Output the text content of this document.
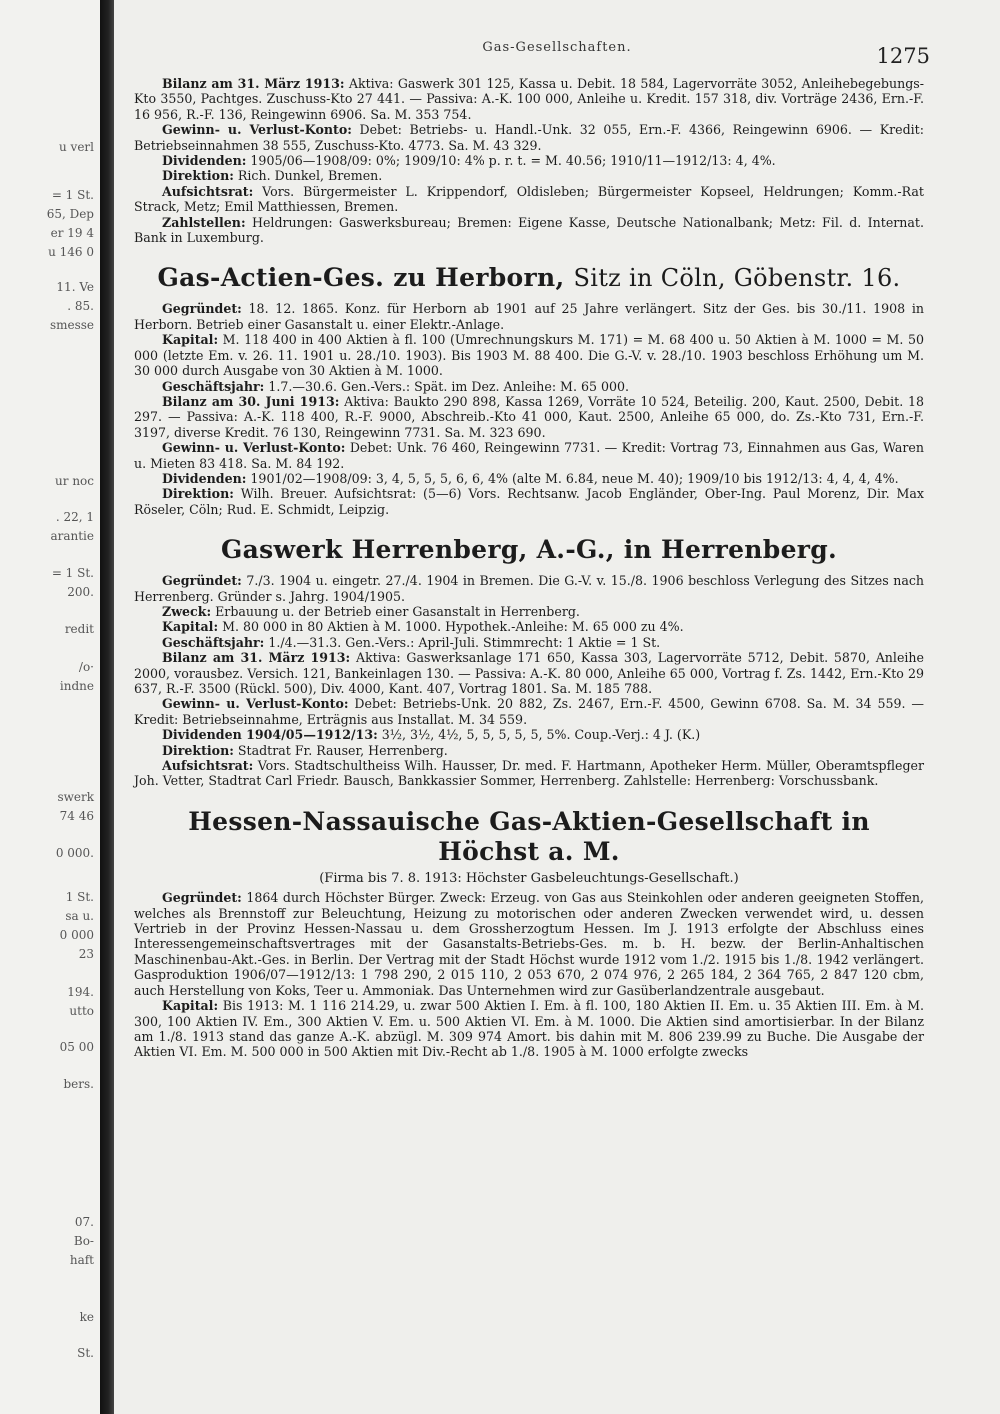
u verl
= 1 St.
65, Dep
er 19 4
u 146 0
11. Ve
. 85.
smesse
ur noc
. 22, 1
arantie
= 1 St.
200.
redit
/o·
indne
swerk
74 46
0 000.
1 St.
sa u.
0 000
23
194.
utto
05 00
bers.
07.
Bo-
haft
ke
St.
Gas-Gesellschaften.	1275

Bilanz am 31. März 1913: Aktiva: Gaswerk 301 125, Kassa u. Debit. 18 584, Lagervorräte 3052, Anleihebegebungs-Kto 3550, Pachtges. Zuschuss-Kto 27 441. — Passiva: A.-K. 100 000, Anleihe u. Kredit. 157 318, div. Vorträge 2436, Ern.-F. 16 956, R.-F. 136, Reingewinn 6906. Sa. M. 353 754.

Gewinn- u. Verlust-Konto: Debet: Betriebs- u. Handl.-Unk. 32 055, Ern.-F. 4366, Reingewinn 6906. — Kredit: Betriebseinnahmen 38 555, Zuschuss-Kto. 4773. Sa. M. 43 329.

Dividenden: 1905/06—1908/09: 0%; 1909/10: 4% p. r. t. = M. 40.56; 1910/11—1912/13: 4, 4%.

Direktion: Rich. Dunkel, Bremen.

Aufsichtsrat: Vors. Bürgermeister L. Krippendorf, Oldisleben; Bürgermeister Kopseel, Heldrungen; Komm.-Rat Strack, Metz; Emil Matthiessen, Bremen.

Zahlstellen: Heldrungen: Gaswerksbureau; Bremen: Eigene Kasse, Deutsche Nationalbank; Metz: Fil. d. Internat. Bank in Luxemburg.

Gas-Actien-Ges. zu Herborn, Sitz in Cöln, Göbenstr. 16.

Gegründet: 18. 12. 1865. Konz. für Herborn ab 1901 auf 25 Jahre verlängert. Sitz der Ges. bis 30./11. 1908 in Herborn. Betrieb einer Gasanstalt u. einer Elektr.-Anlage.

Kapital: M. 118 400 in 400 Aktien à fl. 100 (Umrechnungskurs M. 171) = M. 68 400 u. 50 Aktien à M. 1000 = M. 50 000 (letzte Em. v. 26. 11. 1901 u. 28./10. 1903). Bis 1903 M. 88 400. Die G.-V. v. 28./10. 1903 beschloss Erhöhung um M. 30 000 durch Ausgabe von 30 Aktien à M. 1000.

Geschäftsjahr: 1.7.—30.6. Gen.-Vers.: Spät. im Dez. Anleihe: M. 65 000.

Bilanz am 30. Juni 1913: Aktiva: Baukto 290 898, Kassa 1269, Vorräte 10 524, Beteilig. 200, Kaut. 2500, Debit. 18 297. — Passiva: A.-K. 118 400, R.-F. 9000, Abschreib.-Kto 41 000, Kaut. 2500, Anleihe 65 000, do. Zs.-Kto 731, Ern.-F. 3197, diverse Kredit. 76 130, Reingewinn 7731. Sa. M. 323 690.

Gewinn- u. Verlust-Konto: Debet: Unk. 76 460, Reingewinn 7731. — Kredit: Vortrag 73, Einnahmen aus Gas, Waren u. Mieten 83 418. Sa. M. 84 192.

Dividenden: 1901/02—1908/09: 3, 4, 5, 5, 5, 6, 6, 4% (alte M. 6.84, neue M. 40); 1909/10 bis 1912/13: 4, 4, 4, 4%.

Direktion: Wilh. Breuer. Aufsichtsrat: (5—6) Vors. Rechtsanw. Jacob Engländer, Ober-Ing. Paul Morenz, Dir. Max Röseler, Cöln; Rud. E. Schmidt, Leipzig.

Gaswerk Herrenberg, A.-G., in Herrenberg.

Gegründet: 7./3. 1904 u. eingetr. 27./4. 1904 in Bremen. Die G.-V. v. 15./8. 1906 beschloss Verlegung des Sitzes nach Herrenberg. Gründer s. Jahrg. 1904/1905.

Zweck: Erbauung u. der Betrieb einer Gasanstalt in Herrenberg.

Kapital: M. 80 000 in 80 Aktien à M. 1000. Hypothek.-Anleihe: M. 65 000 zu 4%.

Geschäftsjahr: 1./4.—31.3. Gen.-Vers.: April-Juli. Stimmrecht: 1 Aktie = 1 St.

Bilanz am 31. März 1913: Aktiva: Gaswerksanlage 171 650, Kassa 303, Lagervorräte 5712, Debit. 5870, Anleihe 2000, vorausbez. Versich. 121, Bankeinlagen 130. — Passiva: A.-K. 80 000, Anleihe 65 000, Vortrag f. Zs. 1442, Ern.-Kto 29 637, R.-F. 3500 (Rückl. 500), Div. 4000, Kant. 407, Vortrag 1801. Sa. M. 185 788.

Gewinn- u. Verlust-Konto: Debet: Betriebs-Unk. 20 882, Zs. 2467, Ern.-F. 4500, Gewinn 6708. Sa. M. 34 559. — Kredit: Betriebseinnahme, Erträgnis aus Installat. M. 34 559.

Dividenden 1904/05—1912/13: 3½, 3½, 4½, 5, 5, 5, 5, 5, 5%. Coup.-Verj.: 4 J. (K.)

Direktion: Stadtrat Fr. Rauser, Herrenberg.

Aufsichtsrat: Vors. Stadtschultheiss Wilh. Hausser, Dr. med. F. Hartmann, Apotheker Herm. Müller, Oberamtspfleger Joh. Vetter, Stadtrat Carl Friedr. Bausch, Bankkassier Sommer, Herrenberg. Zahlstelle: Herrenberg: Vorschussbank.

Hessen-Nassauische Gas-Aktien-Gesellschaft in Höchst a. M.
(Firma bis 7. 8. 1913: Höchster Gasbeleuchtungs-Gesellschaft.)

Gegründet: 1864 durch Höchster Bürger. Zweck: Erzeug. von Gas aus Steinkohlen oder anderen geeigneten Stoffen, welches als Brennstoff zur Beleuchtung, Heizung zu motorischen oder anderen Zwecken verwendet wird, u. dessen Vertrieb in der Provinz Hessen-Nassau u. dem Grossherzogtum Hessen. Im J. 1913 erfolgte der Abschluss eines Interessengemeinschaftsvertrages mit der Gasanstalts-Betriebs-Ges. m. b. H. bezw. der Berlin-Anhaltischen Maschinenbau-Akt.-Ges. in Berlin. Der Vertrag mit der Stadt Höchst wurde 1912 vom 1./2. 1915 bis 1./8. 1942 verlängert. Gasproduktion 1906/07—1912/13: 1 798 290, 2 015 110, 2 053 670, 2 074 976, 2 265 184, 2 364 765, 2 847 120 cbm, auch Herstellung von Koks, Teer u. Ammoniak. Das Unternehmen wird zur Gasüberlandzentrale ausgebaut.

Kapital: Bis 1913: M. 1 116 214.29, u. zwar 500 Aktien I. Em. à fl. 100, 180 Aktien II. Em. u. 35 Aktien III. Em. à M. 300, 100 Aktien IV. Em., 300 Aktien V. Em. u. 500 Aktien VI. Em. à M. 1000. Die Aktien sind amortisierbar. In der Bilanz am 1./8. 1913 stand das ganze A.-K. abzügl. M. 309 974 Amort. bis dahin mit M. 806 239.99 zu Buche. Die Ausgabe der Aktien VI. Em. M. 500 000 in 500 Aktien mit Div.-Recht ab 1./8. 1905 à M. 1000 erfolgte zwecks
